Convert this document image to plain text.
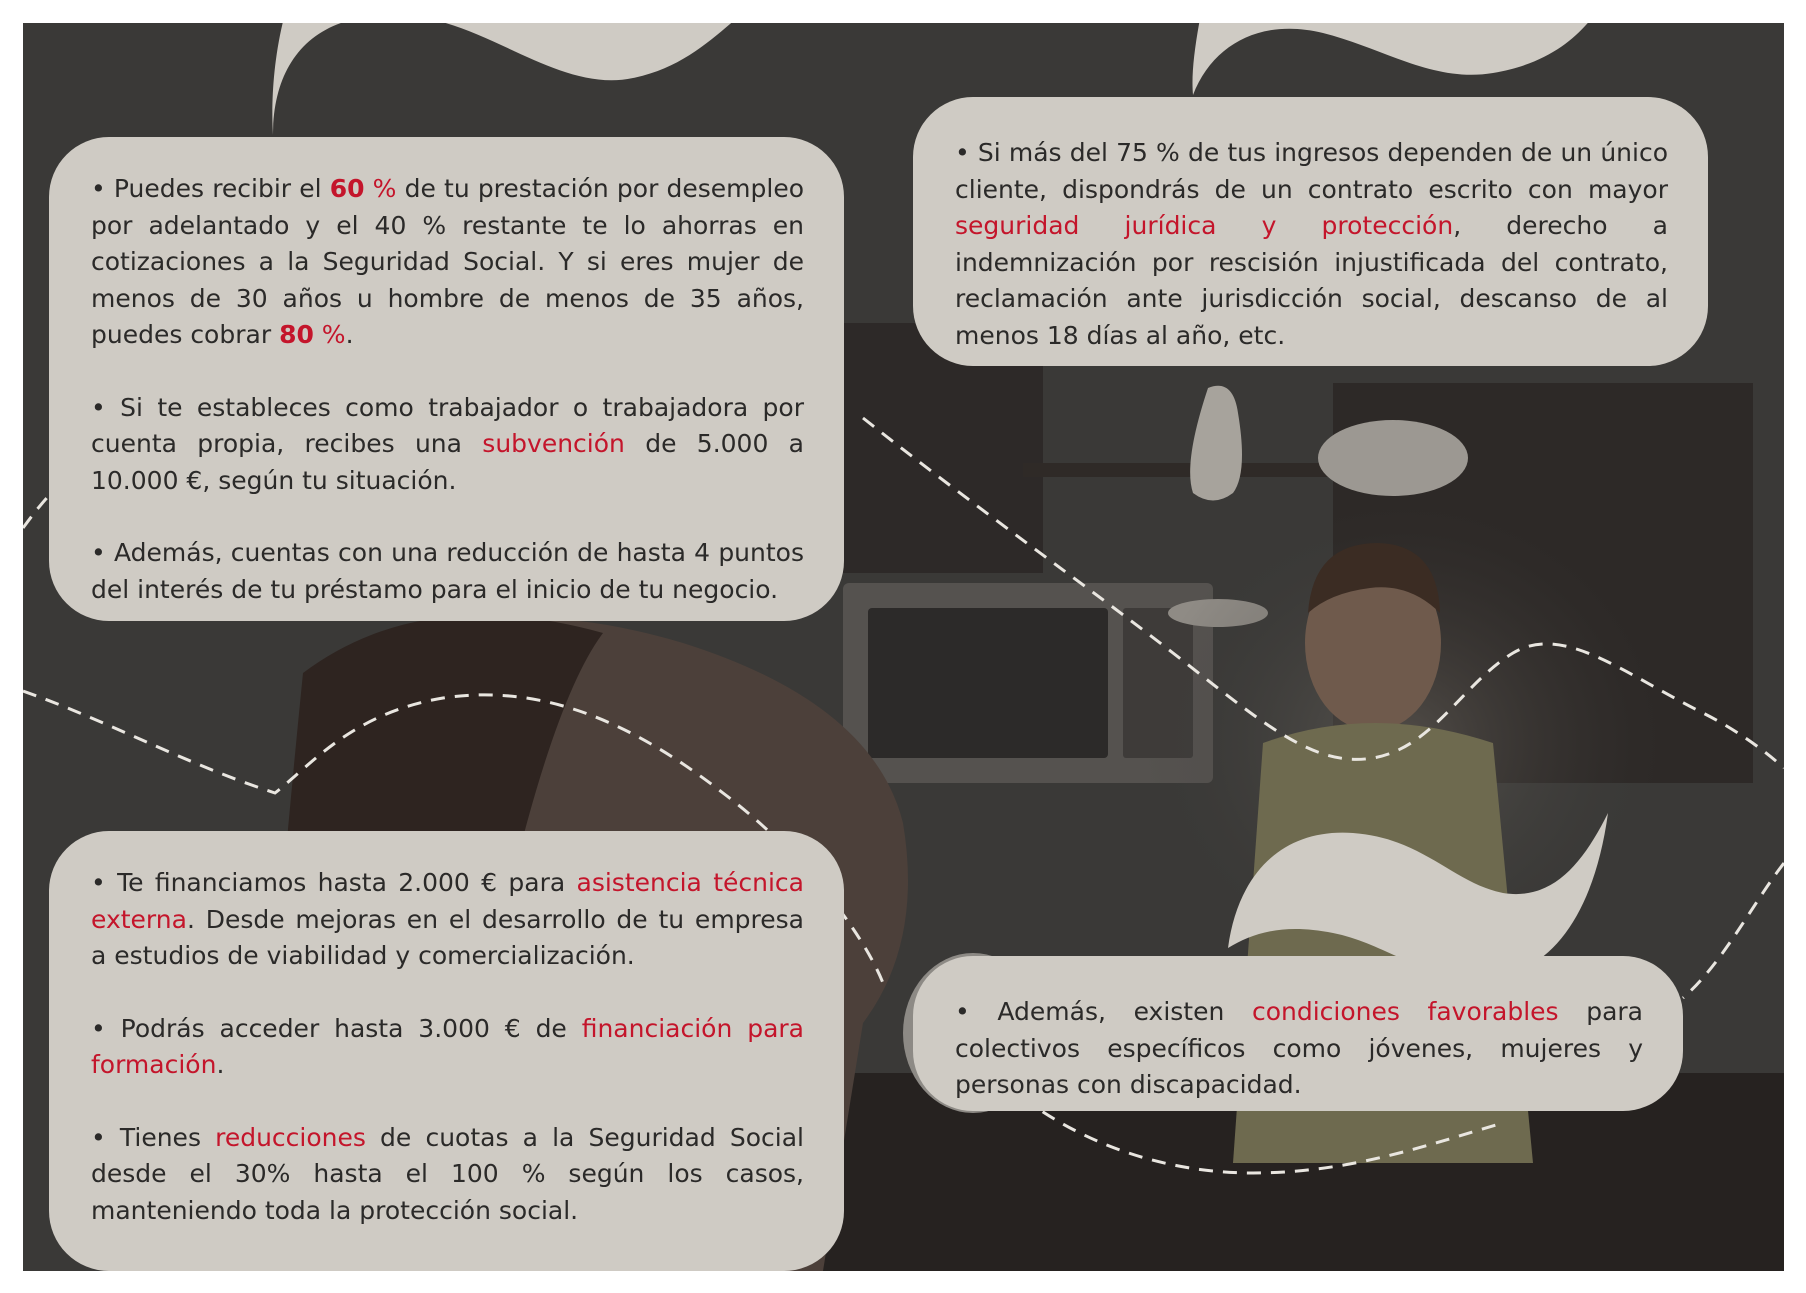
• Puedes recibir el 60 % de tu prestación por desempleo por adelantado y el 40 % restante te lo ahorras en cotizaciones a la Seguridad Social. Y si eres mujer de menos de 30 años u hombre de menos de 35 años, puedes cobrar 80 %.

• Si te estableces como trabajador o trabajadora por cuenta propia, recibes una subvención de 5.000 a 10.000 €, según tu situación.

• Además, cuentas con una reducción de hasta 4 puntos del interés de tu préstamo para el inicio de tu negocio.

• Si más del 75 % de tus ingresos dependen de un único cliente, dispondrás de un contrato escrito con mayor seguridad jurídica y protección, derecho a indemnización por rescisión injustificada del contrato, reclamación ante jurisdicción social, descanso de al menos 18 días al año, etc.

• Te financiamos hasta 2.000 € para asistencia técnica externa. Desde mejoras en el desarrollo de tu empresa a estudios de viabilidad y comercialización.

• Podrás acceder hasta 3.000 € de financiación para formación.

• Tienes reducciones de cuotas a la Seguridad Social desde el 30% hasta el 100 % según los casos, manteniendo toda la protección social.

• Además, existen condiciones favorables para colectivos específicos como jóvenes, mujeres y personas con discapacidad.
